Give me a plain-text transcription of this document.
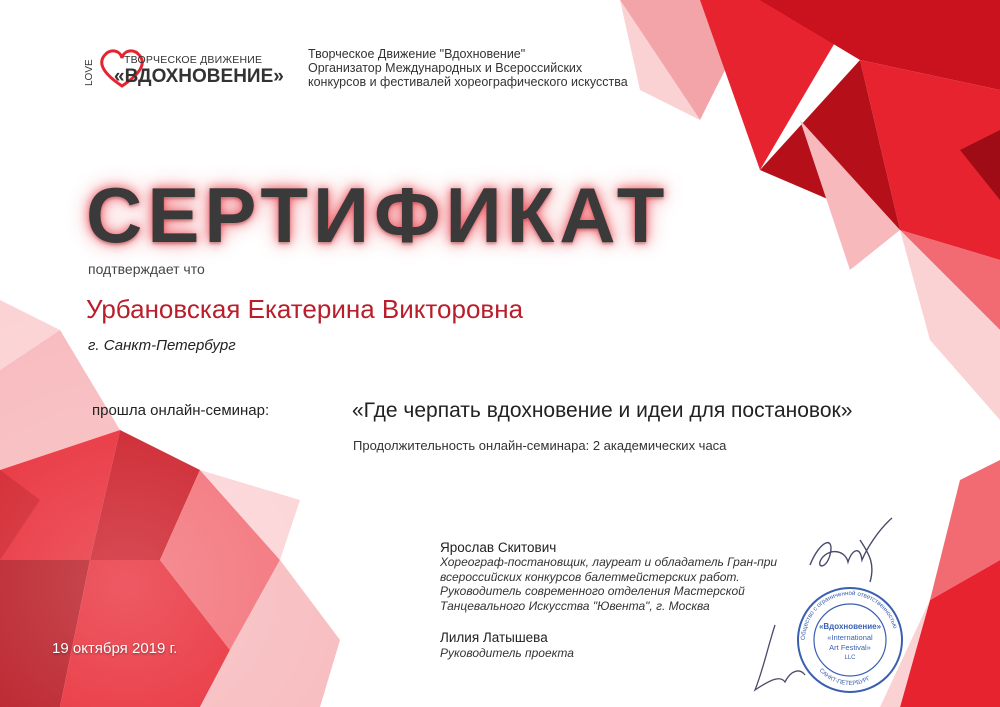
LOVE	ТВОРЧЕСКОЕ ДВИЖЕНИЕ
«ВДОХНОВЕНИЕ»
Творческое Движение "Вдохновение"
Организатор Международных и Всероссийских
конкурсов и фестивалей хореографического искусства
СЕРТИФИКАТ
подтверждает что
Урбановская Екатерина Викторовна
г. Санкт-Петербург
прошла онлайн-семинар:	«Где черпать вдохновение и идеи для постановок»
Продолжительность онлайн-семинара: 2 академических часа
Ярослав Скитович
Хореограф-постановщик, лауреат и обладатель Гран-при
всероссийских конкурсов балетмейстерских работ.
Руководитель современного отделения Мастерской
Танцевального Искусства "Ювента", г. Москва
Лилия Латышева
Руководитель проекта
19 октября 2019 г.
Общество с ограниченной ответственностью
САНКТ-ПЕТЕРБУРГ
«Вдохновение»
«International
Art Festival»
LLC
